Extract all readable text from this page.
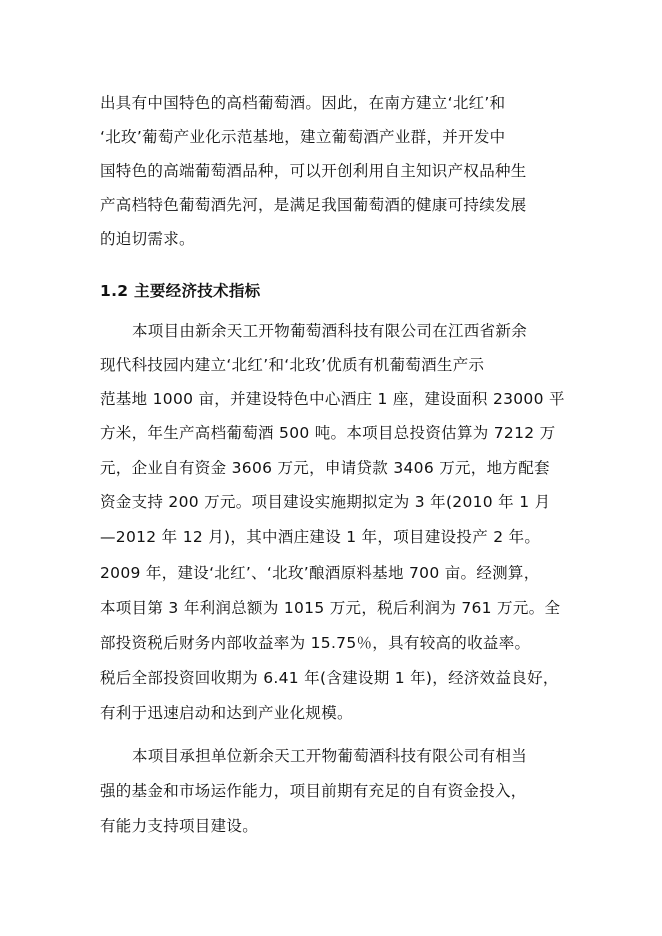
出具有中国特色的高档葡萄酒。因此，在南方建立‘北红’和
‘北玫’葡萄产业化示范基地，建立葡萄酒产业群，并开发中
国特色的高端葡萄酒品种，可以开创利用自主知识产权品种生
产高档特色葡萄酒先河，是满足我国葡萄酒的健康可持续发展
的迫切需求。
1.2 主要经济技术指标
本项目由新余天工开物葡萄酒科技有限公司在江西省新余
现代科技园内建立‘北红’和‘北玫’优质有机葡萄酒生产示
范基地 1000 亩，并建设特色中心酒庄 1 座，建设面积 23000 平
方米，年生产高档葡萄酒 500 吨。本项目总投资估算为 7212 万
元，企业自有资金 3606 万元，申请贷款 3406 万元，地方配套
资金支持 200 万元。项目建设实施期拟定为 3 年(2010 年 1 月
—2012 年 12 月)，其中酒庄建设 1 年，项目建设投产 2 年。
2009 年，建设‘北红’、‘北玫’酿酒原料基地 700 亩。经测算，
本项目第 3 年利润总额为 1015 万元，税后利润为 761 万元。全
部投资税后财务内部收益率为 15.75％，具有较高的收益率。
税后全部投资回收期为 6.41 年(含建设期 1 年)，经济效益良好，
有利于迅速启动和达到产业化规模。
本项目承担单位新余天工开物葡萄酒科技有限公司有相当
强的基金和市场运作能力，项目前期有充足的自有资金投入，
有能力支持项目建设。
